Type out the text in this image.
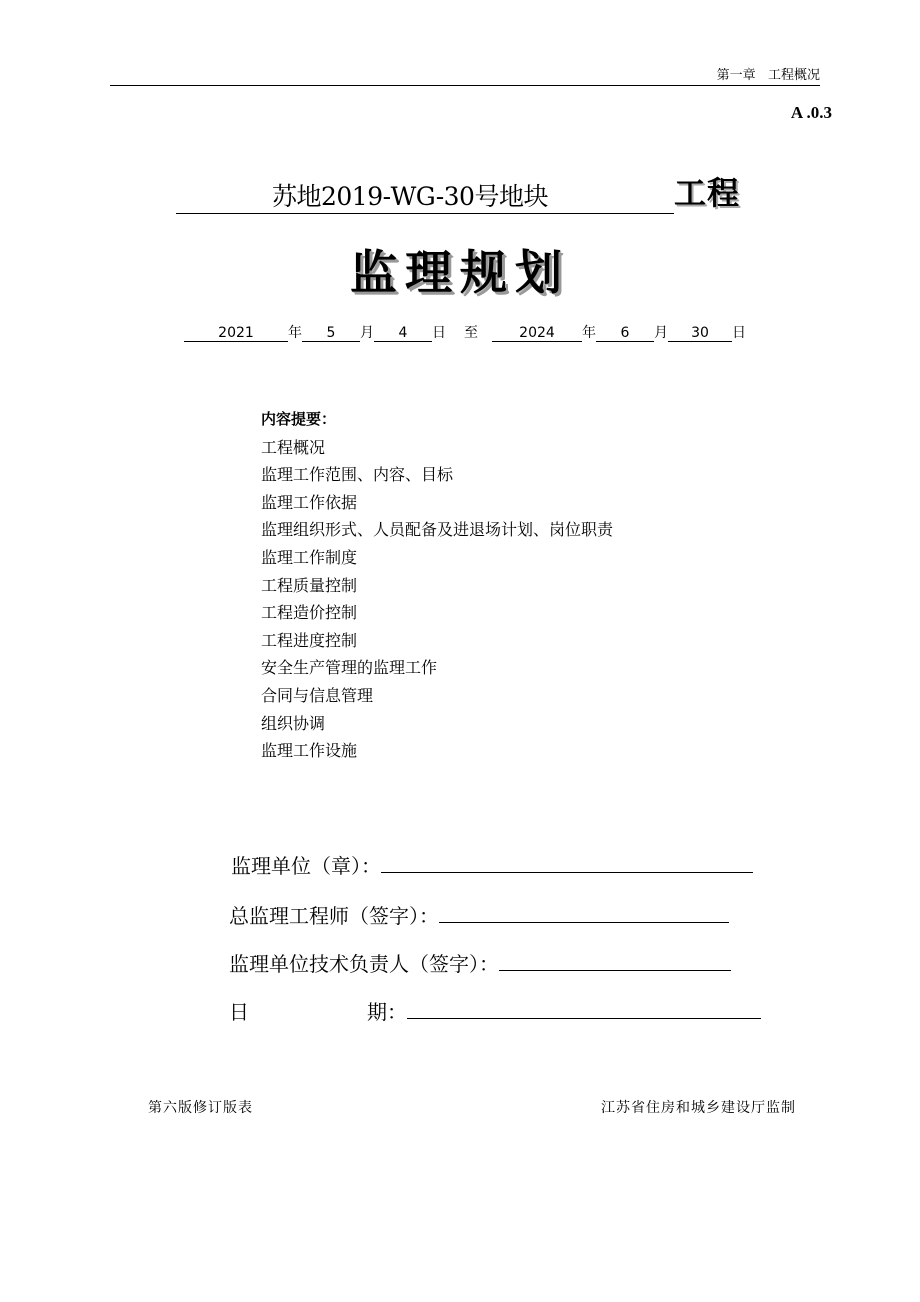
第一章 工程概况
A .0.3
苏地2019-WG-30号地块	工程
监理规划
2021 年 5 月 4 日 至	2024 年 6 月 30 日
内容提要：
工程概况
监理工作范围、内容、目标
监理工作依据
监理组织形式、人员配备及进退场计划、岗位职责
监理工作制度
工程质量控制
工程造价控制
工程进度控制
安全生产管理的监理工作
合同与信息管理
组织协调
监理工作设施
监理单位（章）：
总监理工程师（签字）：
监理单位技术负责人（签字）：
日	期：
第六版修订版表	江苏省住房和城乡建设厅监制
